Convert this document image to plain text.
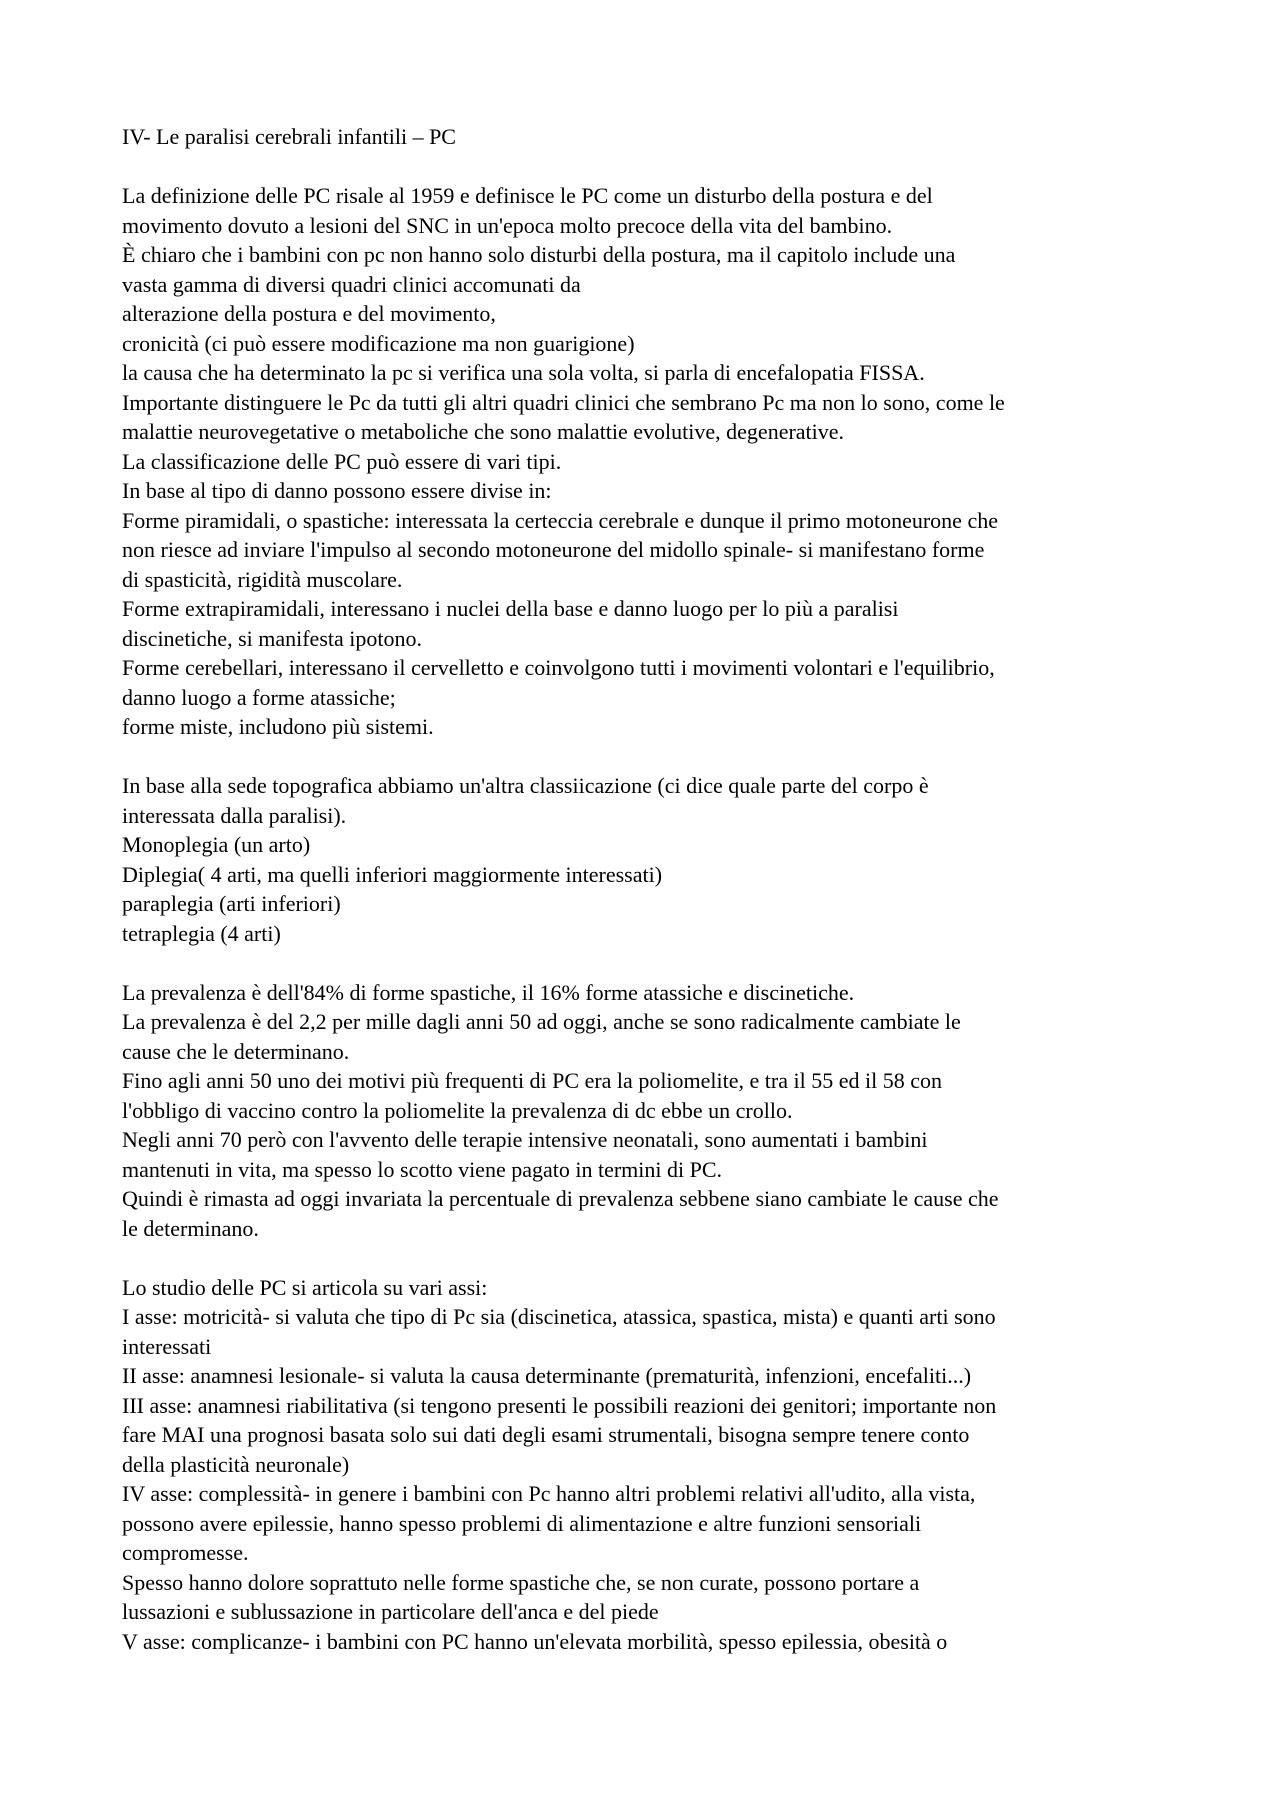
IV- Le paralisi cerebrali infantili – PC
La definizione delle PC risale al 1959 e definisce le PC come un disturbo della postura e del
movimento dovuto a lesioni del SNC in un'epoca molto precoce della vita del bambino.
È chiaro che i bambini con pc non hanno solo disturbi della postura, ma il capitolo include una
vasta gamma di diversi quadri clinici accomunati da
alterazione della postura e del movimento,
cronicità (ci può essere modificazione ma non guarigione)
la causa che ha determinato la pc si verifica una sola volta, si parla di encefalopatia FISSA.
Importante distinguere le Pc da tutti gli altri quadri clinici che sembrano Pc ma non lo sono, come le
malattie neurovegetative o metaboliche che sono malattie evolutive, degenerative.
La classificazione delle PC può essere di vari tipi.
In base al tipo di danno possono essere divise in:
Forme piramidali, o spastiche: interessata la certeccia cerebrale e dunque il primo motoneurone che
non riesce ad inviare l'impulso al secondo motoneurone del midollo spinale- si manifestano forme
di spasticità, rigidità muscolare.
Forme extrapiramidali, interessano i nuclei della base e danno luogo per lo più a paralisi
discinetiche, si manifesta ipotono.
Forme cerebellari, interessano il cervelletto e coinvolgono tutti i movimenti volontari e l'equilibrio,
danno luogo a forme atassiche;
forme miste, includono più sistemi.
In base alla sede topografica abbiamo un'altra classiicazione (ci dice quale parte del corpo è
interessata dalla paralisi).
Monoplegia (un arto)
Diplegia( 4 arti, ma quelli inferiori maggiormente interessati)
paraplegia (arti inferiori)
tetraplegia (4 arti)
La prevalenza è dell'84% di forme spastiche, il 16% forme atassiche e discinetiche.
La prevalenza è del 2,2 per mille dagli anni 50 ad oggi, anche se sono radicalmente cambiate le
cause che le determinano.
Fino agli anni 50 uno dei motivi più frequenti di PC era la poliomelite, e tra il 55 ed il 58 con
l'obbligo di vaccino contro la poliomelite la prevalenza di dc ebbe un crollo.
Negli anni 70 però con l'avvento delle terapie intensive neonatali, sono aumentati i bambini
mantenuti in vita, ma spesso lo scotto viene pagato in termini di PC.
Quindi è rimasta ad oggi invariata la percentuale di prevalenza sebbene siano cambiate le cause che
le determinano.
Lo studio delle PC si articola su vari assi:
I asse: motricità- si valuta che tipo di Pc sia (discinetica, atassica, spastica, mista) e quanti arti sono
interessati
II asse: anamnesi lesionale- si valuta la causa determinante (prematurità, infenzioni, encefaliti...)
III asse: anamnesi riabilitativa (si tengono presenti le possibili reazioni dei genitori; importante non
fare MAI una prognosi basata solo sui dati degli esami strumentali, bisogna sempre tenere conto
della plasticità neuronale)
IV asse: complessità- in genere i bambini con Pc hanno altri problemi relativi all'udito, alla vista,
possono avere epilessie, hanno spesso problemi di alimentazione e altre funzioni sensoriali
compromesse.
Spesso hanno dolore soprattuto nelle forme spastiche che, se non curate, possono portare a
lussazioni e sublussazione in particolare dell'anca e del piede
V asse: complicanze- i bambini con PC hanno un'elevata morbilità, spesso epilessia, obesità o
